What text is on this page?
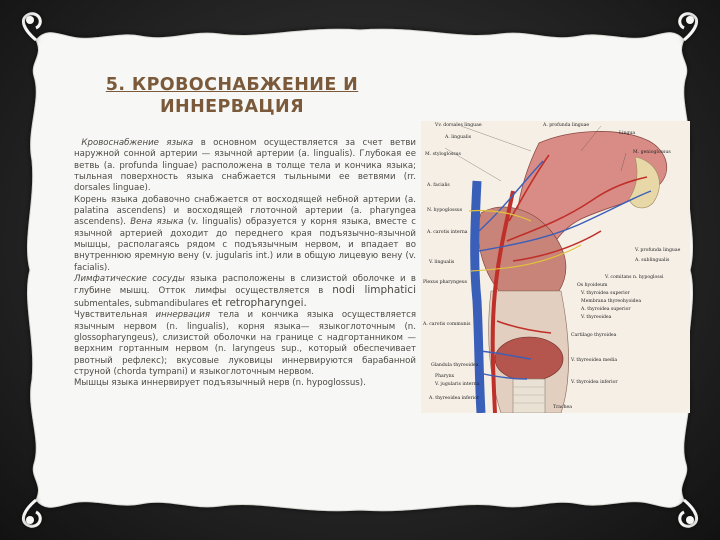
5. КРОВОСНАБЖЕНИЕ И
ИННЕРВАЦИЯ

Кровоснабжение языка в основном осуществляется за счет ветви наружной сонной артерии — язычной артерии (a. lingualis). Глубокая ее ветвь (a. profunda linguae) расположена в толще тела и кончика языка; тыльная поверхность языка снабжается тыльными ее ветвями (rr. dorsales linguae).

Корень языка добавочно снабжается от восходящей небной артерии (a. palatina ascendens) и восходящей глоточной артерии (a. pharyngea ascendens). Вена языка (v. lingualis) образуется у корня языка, вместе с язычной артерией доходит до переднего края подъязычно-язычной мышцы, располагаясь рядом с подъязычным нервом, и впадает во внутреннюю яремную вену (v. jugularis int.) или в общую лицевую вену (v. facialis).

Лимфатические сосуды языка расположены в слизистой оболочке и в глубине мышц. Отток лимфы осуществляется в nodi limphatici submentales, submandibulares et retropharyngei.

Чувствительная иннервация тела и кончика языка осуществляется язычным нервом (n. lingualis), корня языка— языкоглоточным (n. glossopharyngeus), слизистой оболочки на границе с надгортанником — верхним гортанным нервом (n. laryngeus sup., который обеспечивает рвотный рефлекс); вкусовые луковицы иннервируются барабанной струной (chorda tympani) и языкоглоточным нервом.

Мышцы языка иннервирует подъязычный нерв (n. hypoglossus).

Vv. dorsales linguae
A. lingualis
M. styloglossus
A. facialis
N. hypoglossus
A. carotis interna
V. lingualis
Plexus pharyngeus
A. carotis communis
Glandula thyreoidea
Pharynx
V. jugularis interna
A. thyreoidea inferior
A. profunda linguae
Lingua
M. genioglossus
V. profunda linguae
A. sublingualis
V. comitans n. hypoglossi
Os hyoideum
V. thyroidea superior
Membrana thyreohyoidea
A. thyroidea superior
V. thyreoidea
Cartilago thyroidea
V. thyreoidea media
V. thyroidea inferior
Trachea
